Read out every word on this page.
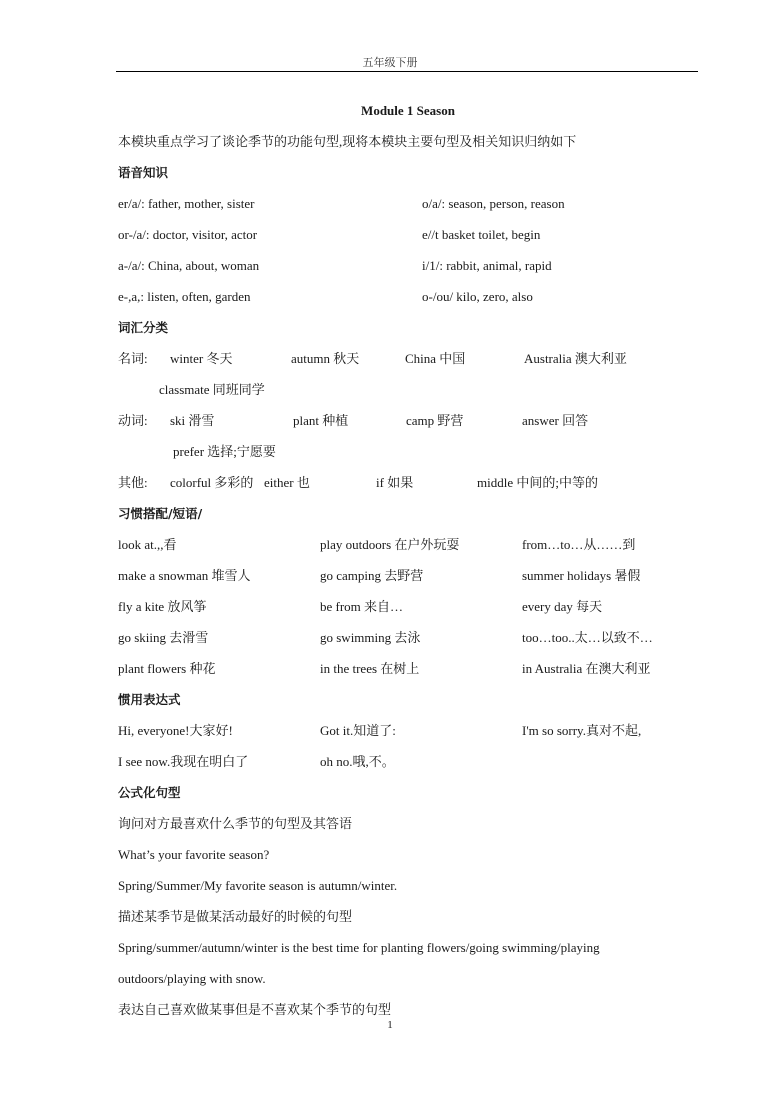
五年级下册
Module 1 Season
本模块重点学习了谈论季节的功能句型,现将本模块主要句型及相关知识归纳如下
语音知识
er/a/: father, mother, sister	o/a/: season, person, reason
or-/a/: doctor, visitor, actor	e//t basket toilet, begin
a-/a/: China, about, woman	i/1/: rabbit, animal, rapid
e-,a,: listen, often, garden	o-/ou/ kilo, zero, also
词汇分类
名词: winter 冬天	autumn 秋天	China 中国	Australia 澳大利亚
classmate 同班同学
动词: ski 滑雪	plant 种植	camp 野营	answer 回答
prefer 选择;宁愿要
其他: colorful 多彩的 either 也	if 如果	middle 中间的;中等的
习惯搭配/短语/
look at.,,看	play outdoors 在户外玩耍	from…to…从……到
make a snowman 堆雪人	go camping 去野营	summer holidays 暑假
fly a kite 放风筝	be from 来自…	every day 每天
go skiing 去滑雪	go swimming 去泳	too…too..太…以致不…
plant flowers 种花	in the trees 在树上	in Australia 在澳大利亚
惯用表达式
Hi, everyone!大家好!	Got it.知道了:	I'm so sorry.真对不起,
I see now.我现在明白了	oh no.哦,不。
公式化句型
询问对方最喜欢什么季节的句型及其答语
What’s your favorite season?
Spring/Summer/My favorite season is autumn/winter.
描述某季节是做某活动最好的时候的句型
Spring/summer/autumn/winter is the best time for planting flowers/going swimming/playing
outdoors/playing with snow.
表达自己喜欢做某事但是不喜欢某个季节的句型
1
